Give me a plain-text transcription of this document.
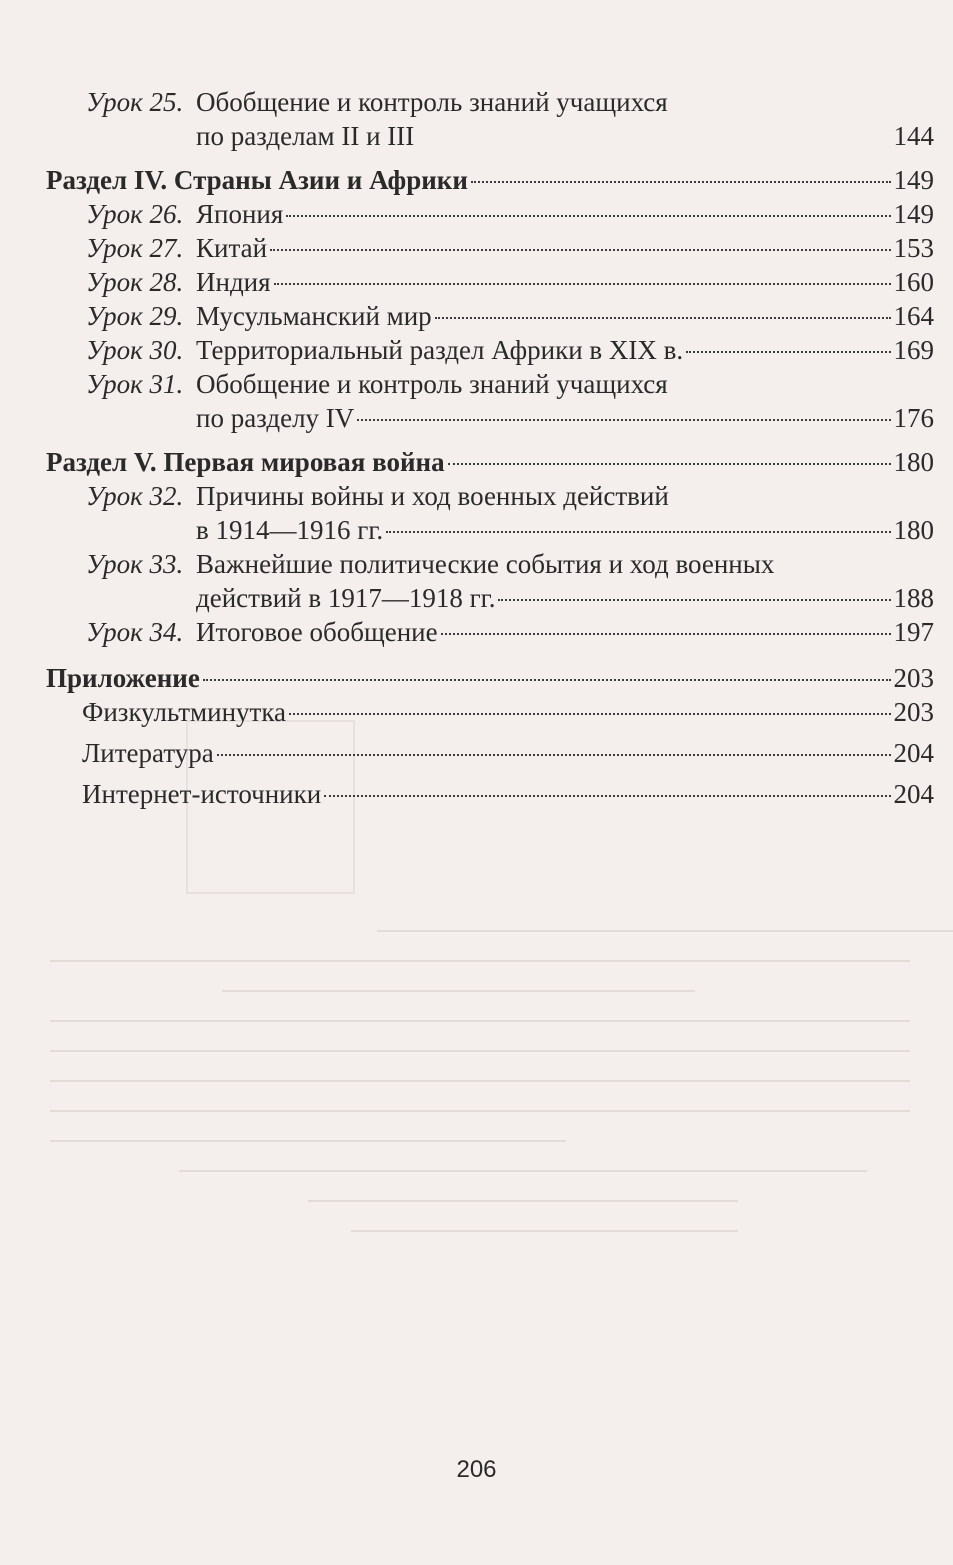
Урок 25. Обобщение и контроль знаний учащихся
по разделам II и III	144
Раздел IV. Страны Азии и Африки	149
Урок 26. Япония	149
Урок 27. Китай	153
Урок 28. Индия	160
Урок 29. Мусульманский мир	164
Урок 30. Территориальный раздел Африки в XIX в.	169
Урок 31. Обобщение и контроль знаний учащихся
по разделу IV	176
Раздел V. Первая мировая война	180
Урок 32. Причины войны и ход военных действий
в 1914—1916 гг.	180
Урок 33. Важнейшие политические события и ход военных
действий в 1917—1918 гг.	188
Урок 34. Итоговое обобщение	197
Приложение	203
Физкультминутка	203
Литература	204
Интернет-источники	204
206
